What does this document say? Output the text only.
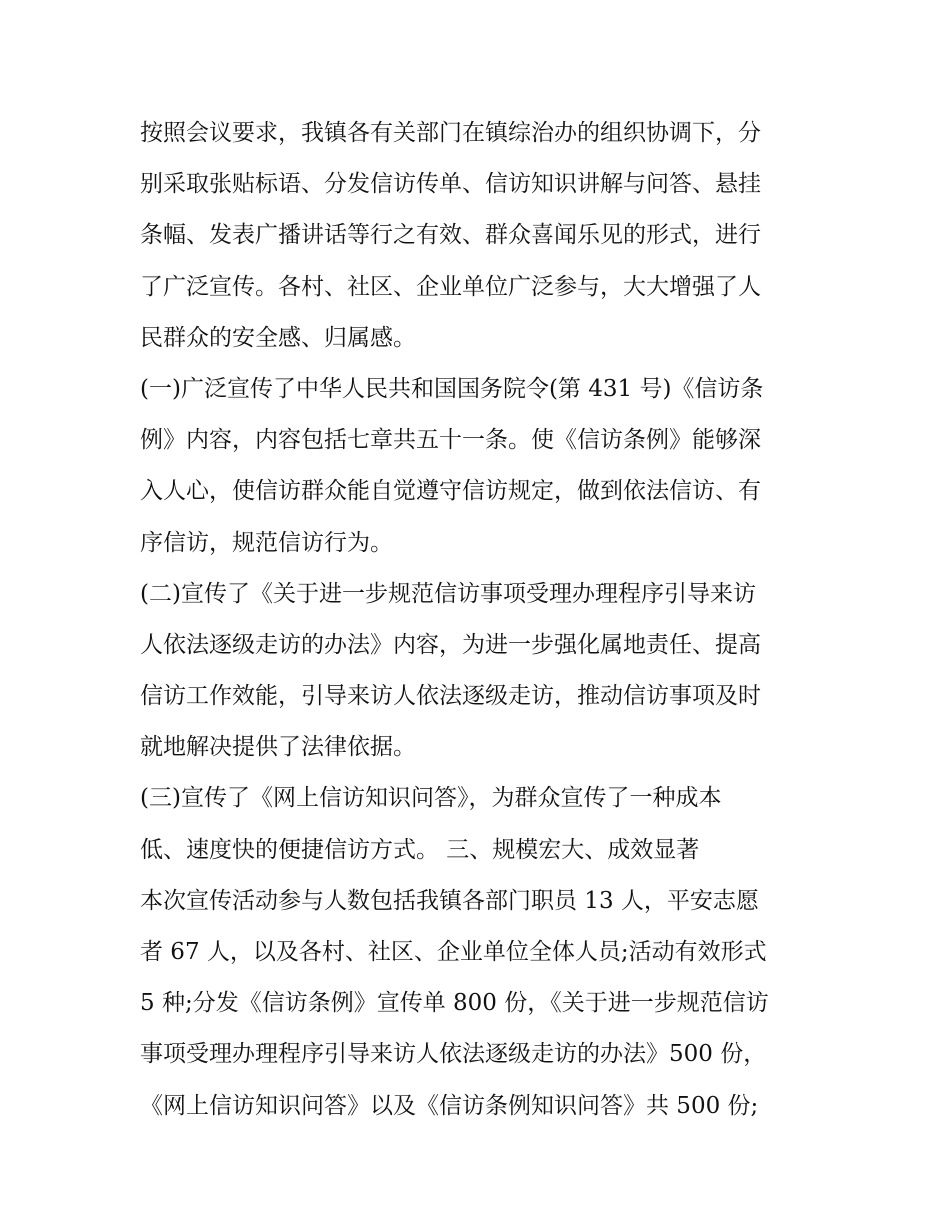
按照会议要求，我镇各有关部门在镇综治办的组织协调下，分
别采取张贴标语、分发信访传单、信访知识讲解与问答、悬挂
条幅、发表广播讲话等行之有效、群众喜闻乐见的形式，进行
了广泛宣传。各村、社区、企业单位广泛参与，大大增强了人
民群众的安全感、归属感。
(一)广泛宣传了中华人民共和国国务院令(第 431 号)《信访条
例》内容，内容包括七章共五十一条。使《信访条例》能够深
入人心，使信访群众能自觉遵守信访规定，做到依法信访、有
序信访，规范信访行为。
(二)宣传了《关于进一步规范信访事项受理办理程序引导来访
人依法逐级走访的办法》内容，为进一步强化属地责任、提高
信访工作效能，引导来访人依法逐级走访，推动信访事项及时
就地解决提供了法律依据。
(三)宣传了《网上信访知识问答》，为群众宣传了一种成本
低、速度快的便捷信访方式。 三、规模宏大、成效显著
本次宣传活动参与人数包括我镇各部门职员 13 人，平安志愿
者 67 人，以及各村、社区、企业单位全体人员;活动有效形式
5 种;分发《信访条例》宣传单 800 份，《关于进一步规范信访
事项受理办理程序引导来访人依法逐级走访的办法》500 份，
《网上信访知识问答》以及《信访条例知识问答》共 500 份;
